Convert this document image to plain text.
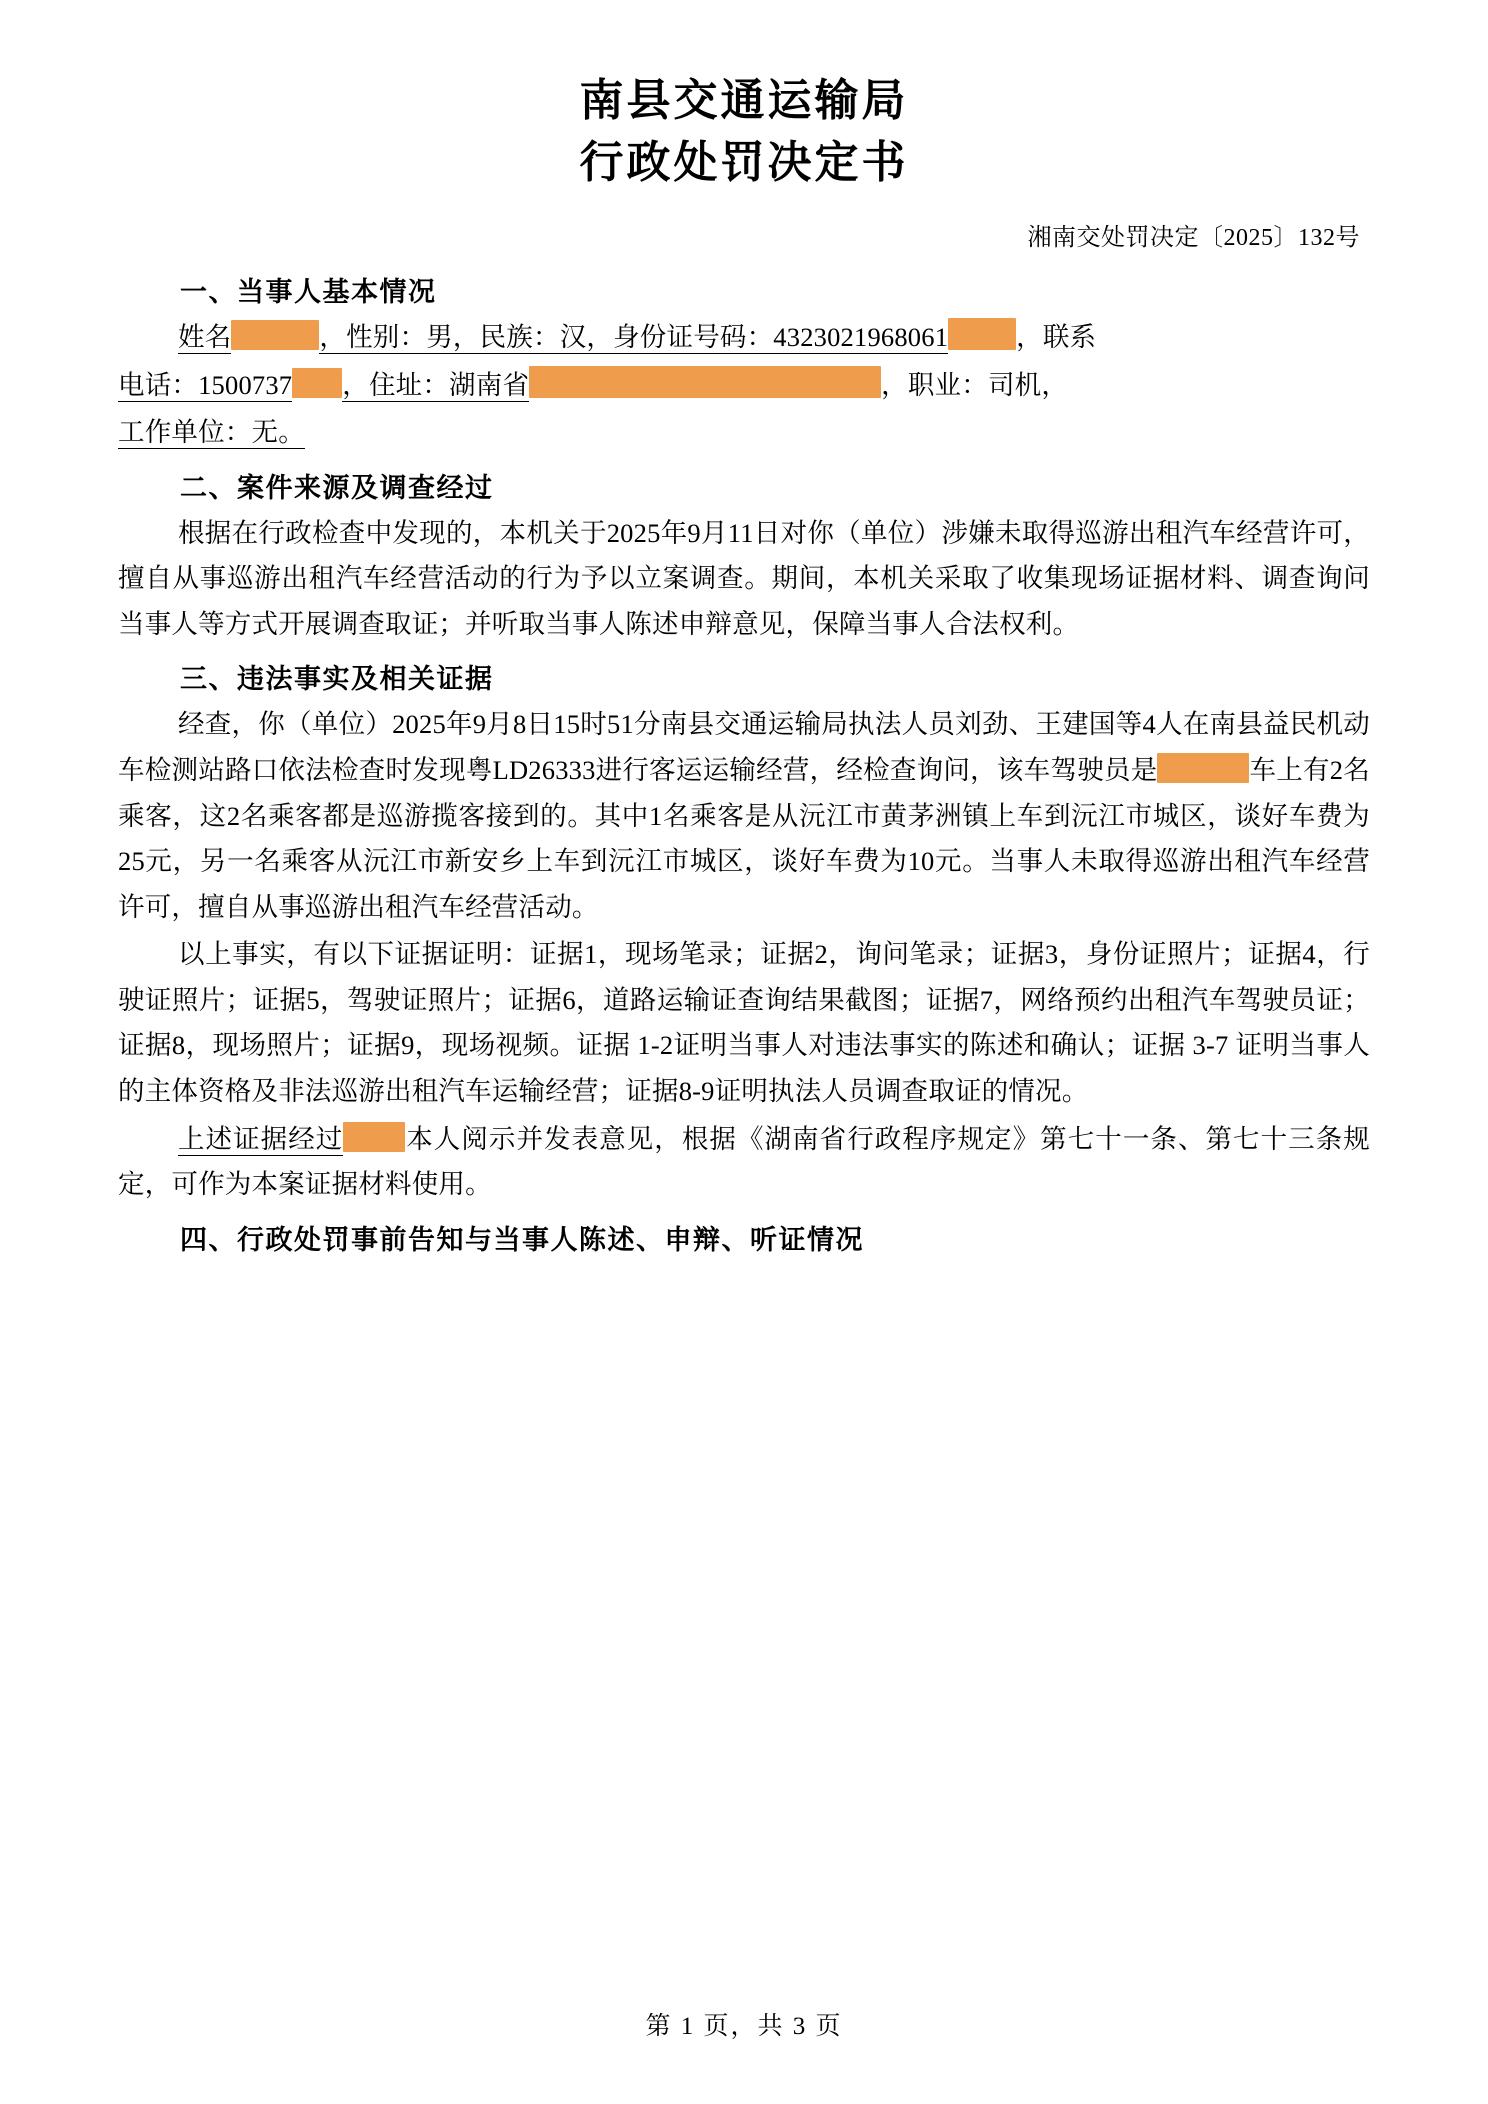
南县交通运输局
行政处罚决定书
湘南交处罚决定〔2025〕132号
一、当事人基本情况

姓名	，性别：男，民族：汉，身份证号码：4323021968061	，联系

电话：1500737 ，住址：湖南省	，职业：司机，

工作单位：无。

二、案件来源及调查经过

根据在行政检查中发现的，本机关于2025年9月11日对你（单位）涉嫌未取得巡游出租汽车经营许可，擅自从事巡游出租汽车经营活动的行为予以立案调查。期间，本机关采取了收集现场证据材料、调查询问当事人等方式开展调查取证；并听取当事人陈述申辩意见，保障当事人合法权利。

三、违法事实及相关证据

经查，你（单位）2025年9月8日15时51分南县交通运输局执法人员刘劲、王建国等4人在南县益民机动车检测站路口依法检查时发现粤LD26333进行客运运输经营，经检查询问，该车驾驶员是	车上有2名乘客，这2名乘客都是巡游揽客接到的。其中1名乘客是从沅江市黄茅洲镇上车到沅江市城区，谈好车费为25元，另一名乘客从沅江市新安乡上车到沅江市城区，谈好车费为10元。当事人未取得巡游出租汽车经营许可，擅自从事巡游出租汽车经营活动。

以上事实，有以下证据证明：证据1，现场笔录；证据2，询问笔录；证据3，身份证照片；证据4，行驶证照片；证据5，驾驶证照片；证据6，道路运输证查询结果截图；证据7，网络预约出租汽车驾驶员证；证据8，现场照片；证据9，现场视频。证据 1-2证明当事人对违法事实的陈述和确认；证据 3-7 证明当事人的主体资格及非法巡游出租汽车运输经营；证据8-9证明执法人员调查取证的情况。

上述证据经过 本人阅示并发表意见，根据《湖南省行政程序规定》第七十一条、第七十三条规定，可作为本案证据材料使用。

四、行政处罚事前告知与当事人陈述、申辩、听证情况
第 1 页，共 3 页
